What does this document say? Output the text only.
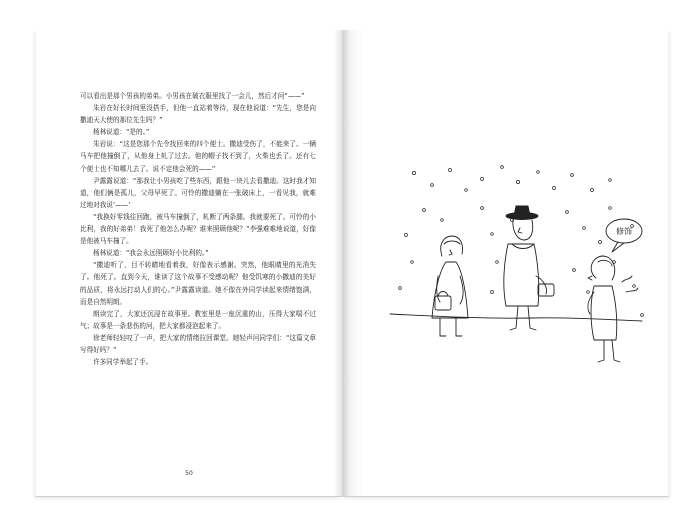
可以看出是那个男孩的弟弟。小男孩在破衣服里找了一会儿，然后才问“——”

朱岩在好长时间里没搭手，但他一直站着等待，现在他说道：“先生，您是向撒迪天大使的那位先生吗？”

杨林说道：“是的。”

朱岩说：“这是您那个先令找回来的四个便士。撒迪受伤了，不能来了。一辆马车把他撞倒了，从他身上轧了过去。他的帽子找不到了，火柴也丢了。还有七个便士也不知哪儿去了。说不定他会死的——”

尹露露说道：“那我让小男孩吃了些东西，跟他一块儿去看撒迪。这时我才知道，他们俩是孤儿，父母早死了。可怜的撒迪躺在一张破床上，一看见我，就难过地对我说‘——’

“我换好零钱往回跑，被马车撞倒了，轧断了两条腿。我就要死了。可怜的小比利，我的好弟弟！我死了他怎么办呢？谁来照顾他呢？”李强难难地说道，好像是他被马车撞了。

杨林说道：“我会永远照顾好小比利的。”

“撒迪听了，目不转睛地看着我，好像表示感谢。突然，他眼睛里的光消失了。他死了。直到今天，谁读了这个故事不受感动呢？他受饥寒的小撒迪的美好的品质，将永远打动人们的心。”尹露露读道。她不像在外同学读起来情绪饱满，而是自然明朗。

朗读完了，大家还沉浸在故事里。教室里是一座沉重的山，压得大家喘不过气；故事是一条悲伤的河，把大家都浸泡起来了。

徐老师轻轻叹了一声，把大家的情绪拉回课堂。她轻声问同学们：“这篇文章写得好吗？”

许多同学举起了手。

50
修饰
